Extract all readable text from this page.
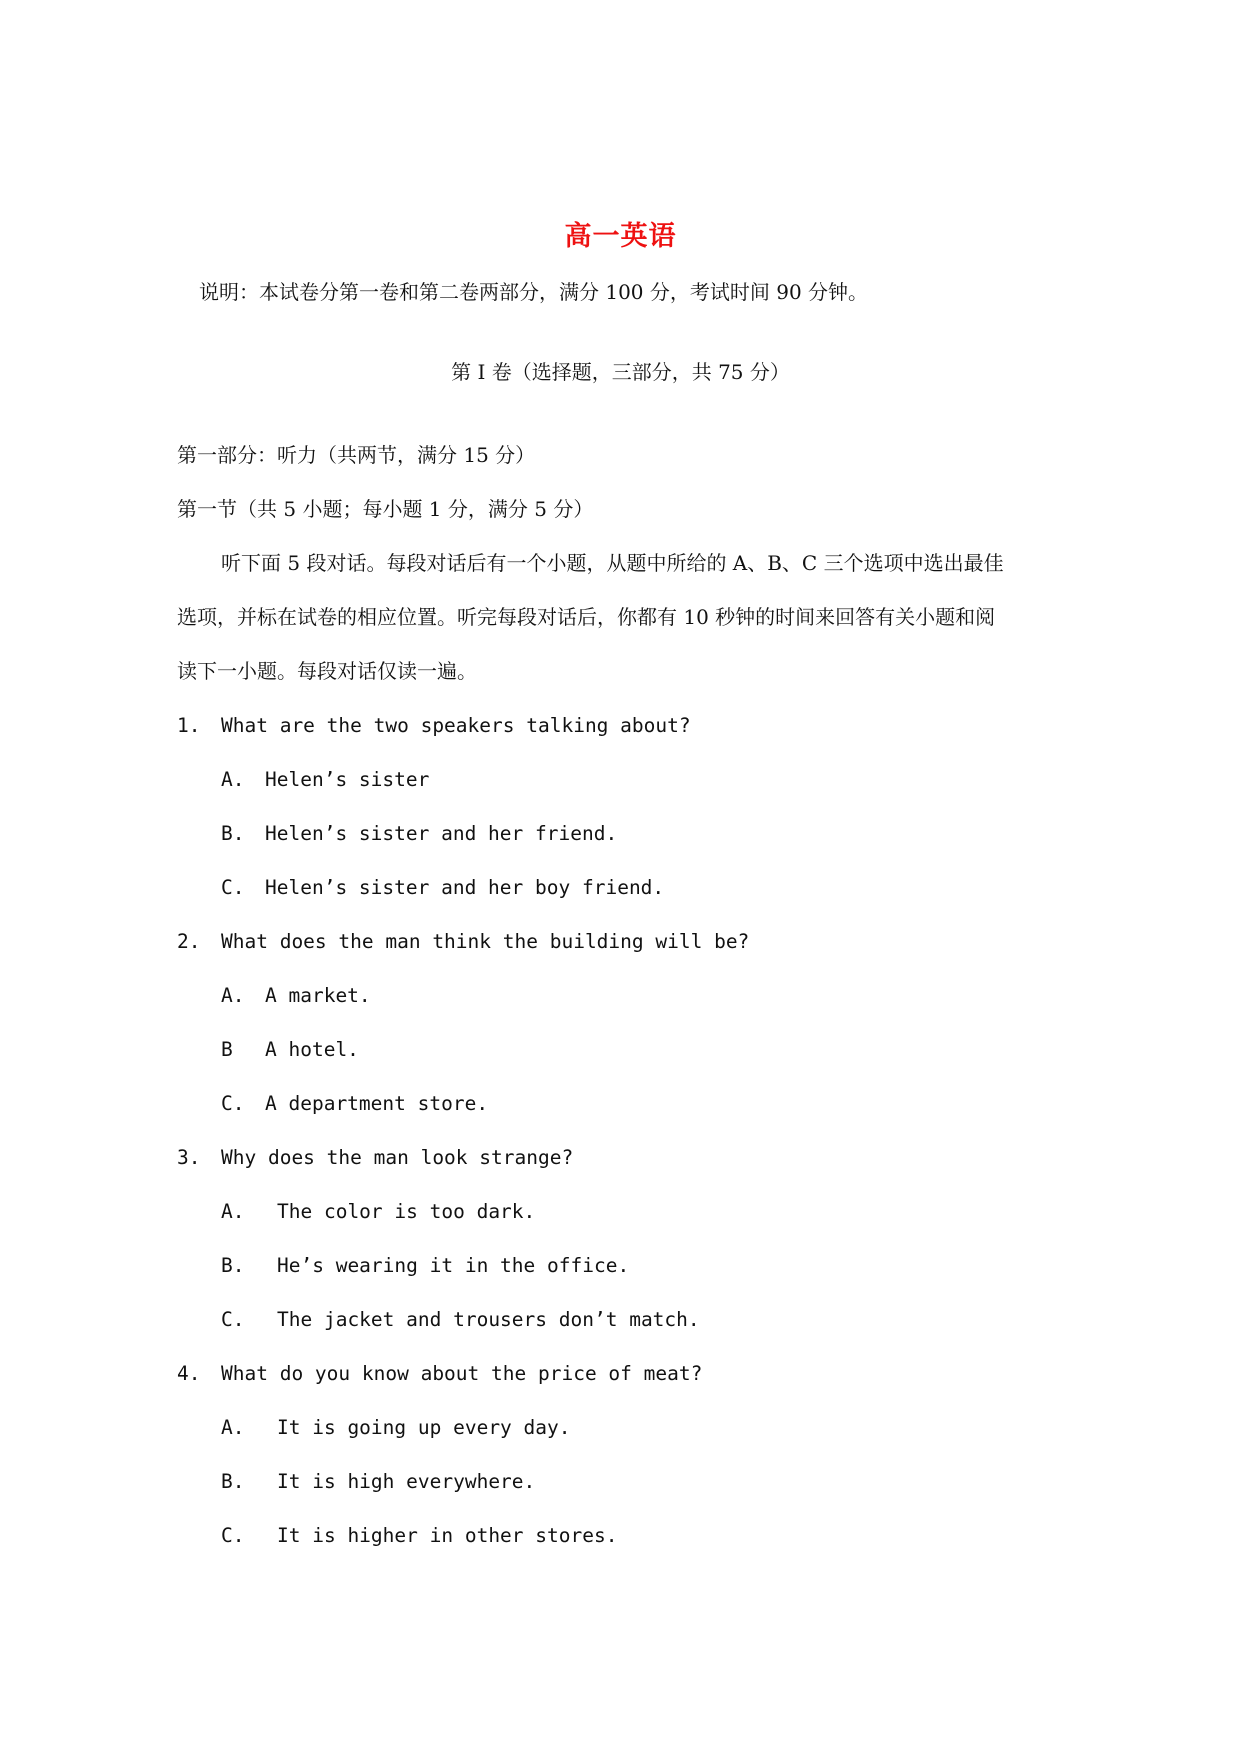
高一英语
说明：本试卷分第一卷和第二卷两部分，满分 100 分，考试时间 90 分钟。
第 I 卷（选择题，三部分，共 75 分）
第一部分：听力（共两节，满分 15 分）
第一节（共 5 小题；每小题 1 分，满分 5 分）
听下面 5 段对话。每段对话后有一个小题，从题中所给的 A、B、C 三个选项中选出最佳
选项，并标在试卷的相应位置。听完每段对话后，你都有 10 秒钟的时间来回答有关小题和阅
读下一小题。每段对话仅读一遍。
1. What are the two speakers talking about?
A. Helen’s sister
B. Helen’s sister and her friend.
C. Helen’s sister and her boy friend.
2. What does the man think the building will be?
A. A market.
B A hotel.
C. A department store.
3. Why does the man look strange?
A. The color is too dark.
B. He’s wearing it in the office.
C. The jacket and trousers don’t match.
4. What do you know about the price of meat?
A. It is going up every day.
B. It is high everywhere.
C. It is higher in other stores.
